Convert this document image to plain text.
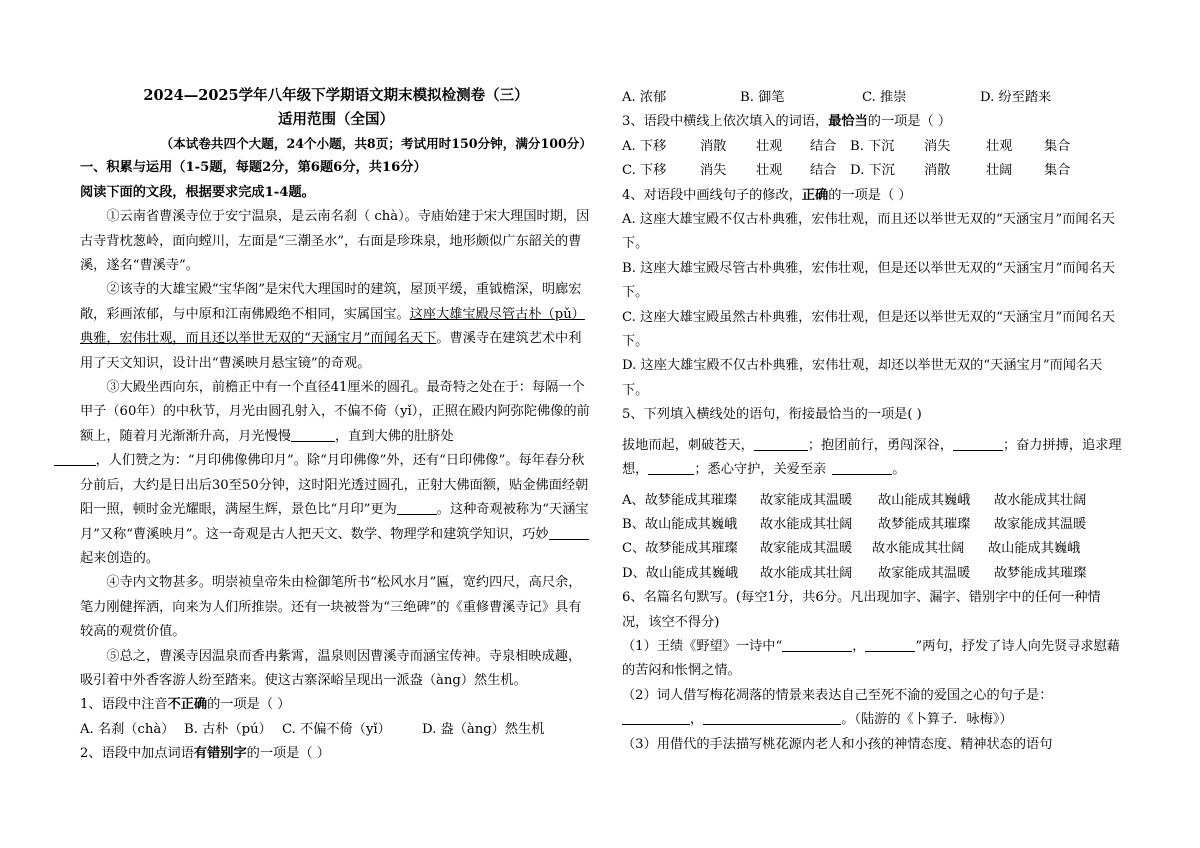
2024—2025学年八年级下学期语文期末模拟检测卷（三）
适用范围（全国）
（本试卷共四个大题，24个小题，共8页；考试用时150分钟，满分100分）
一、积累与运用（1-5题，每题2分，第6题6分，共16分）
阅读下面的文段，根据要求完成1-4题。
①云南省曹溪寺位于安宁温泉，是云南名刹（ chà）。寺庙始建于宋大理国时期，因古寺背枕葱岭，面向螳川，左面是“三潮圣水”，右面是珍珠泉，地形颇似广东韶关的曹溪，遂名“曹溪寺”。
②该寺的大雄宝殿“宝华阁”是宋代大理国时的建筑，屋顶平缓，重钺檐深，明廊宏敞，彩画浓郁，与中原和江南佛殿绝不相同，实属国宝。这座大雄宝殿尽管古朴（pǔ）典雅，宏伟壮观，而且还以举世无双的“天涵宝月”而闻名天下。曹溪寺在建筑艺术中利用了天文知识，设计出“曹溪映月悬宝镜”的奇观。
③大殿坐西向东，前檐正中有一个直径41厘米的圆孔。最奇特之处在于：每隔一个甲子（60年）的中秋节，月光由圆孔射入，不偏不倚（yǐ），正照在殿内阿弥陀佛像的前额上，随着月光渐渐升高，月光慢慢	，直到大佛的肚脐处
，人们赞之为：“月印佛像佛印月”。除“月印佛像”外，还有“日印佛像”。每年春分秋分前后，大约是日出后30至50分钟，这时阳光透过圆孔，正射大佛面额，贴金佛面经朝阳一照，顿时金光耀眼，满屋生辉，景色比“月印”更为	。这种奇观被称为“天涵宝月”又称“曹溪映月”。这一奇观是古人把天文、数学、物理学和建筑学知识，巧妙起来创造的。
④寺内文物甚多。明崇祯皇帝朱由检御笔所书“松风水月”匾，宽约四尺，高尺余，笔力刚健挥洒，向来为人们所推崇。还有一块被誉为“三绝碑”的《重修曹溪寺记》具有较高的观赏价值。
⑤总之，曹溪寺因温泉而香冉紫霄，温泉则因曹溪寺而涵宝传神。寺泉相映成趣，吸引着中外香客游人纷至踏来。使这古寨深峪呈现出一派盎（àng）然生机。
1、语段中注音不正确的一项是（ ）
A. 名刹（chà） B. 古朴（pú） C. 不偏不倚（yǐ）	D. 盎（àng）然生机
2、语段中加点词语有错别字的一项是（ ）
A. 浓郁	B. 御笔	C. 推崇	D. 纷至踏来
3、语段中横线上依次填入的词语，最恰当的一项是（ ）
A. 下移	消散	壮观	结合	B. 下沉	消失	壮观	集合
C. 下移	消失	壮观	结合	D. 下沉	消散	壮阔	集合
4、对语段中画线句子的修改，正确的一项是（ ）
A. 这座大雄宝殿不仅古朴典雅，宏伟壮观，而且还以举世无双的“天涵宝月”而闻名天下。
B. 这座大雄宝殿尽管古朴典雅，宏伟壮观，但是还以举世无双的“天涵宝月”而闻名天下。
C. 这座大雄宝殿虽然古朴典雅，宏伟壮观，但是还以举世无双的“天涵宝月”而闻名天下。
D. 这座大雄宝殿不仅古朴典雅，宏伟壮观，却还以举世无双的“天涵宝月”而闻名天下。
5、下列填入横线处的语句，衔接最恰当的一项是( )
拔地而起，刺破苍天，	；抱团前行，勇闯深谷，	；奋力拼搏，追求理想，	；悉心守护，关爱至亲	。
A、故梦能成其璀璨	故家能成其温暖	故山能成其巍峨	故水能成其壮阔
B、故山能成其巍峨	故水能成其壮阔	故梦能成其璀璨	故家能成其温暖
C、故梦能成其璀璨	故家能成其温暖	故水能成其壮阔	故山能成其巍峨
D、故山能成其巍峨	故水能成其壮阔	故家能成其温暖	故梦能成其璀璨
6、名篇名句默写。(每空1分，共6分。凡出现加字、漏字、错别字中的任何一种情况，该空不得分)
（1）王绩《野望》一诗中“	，	”两句，抒发了诗人向先贤寻求慰藉的苦闷和怅惘之情。
（2）词人借写梅花凋落的情景来表达自己至死不渝的爱国之心的句子是：
，	。（陆游的《卜算子．咏梅》）
（3）用借代的手法描写桃花源内老人和小孩的神情态度、精神状态的语句
